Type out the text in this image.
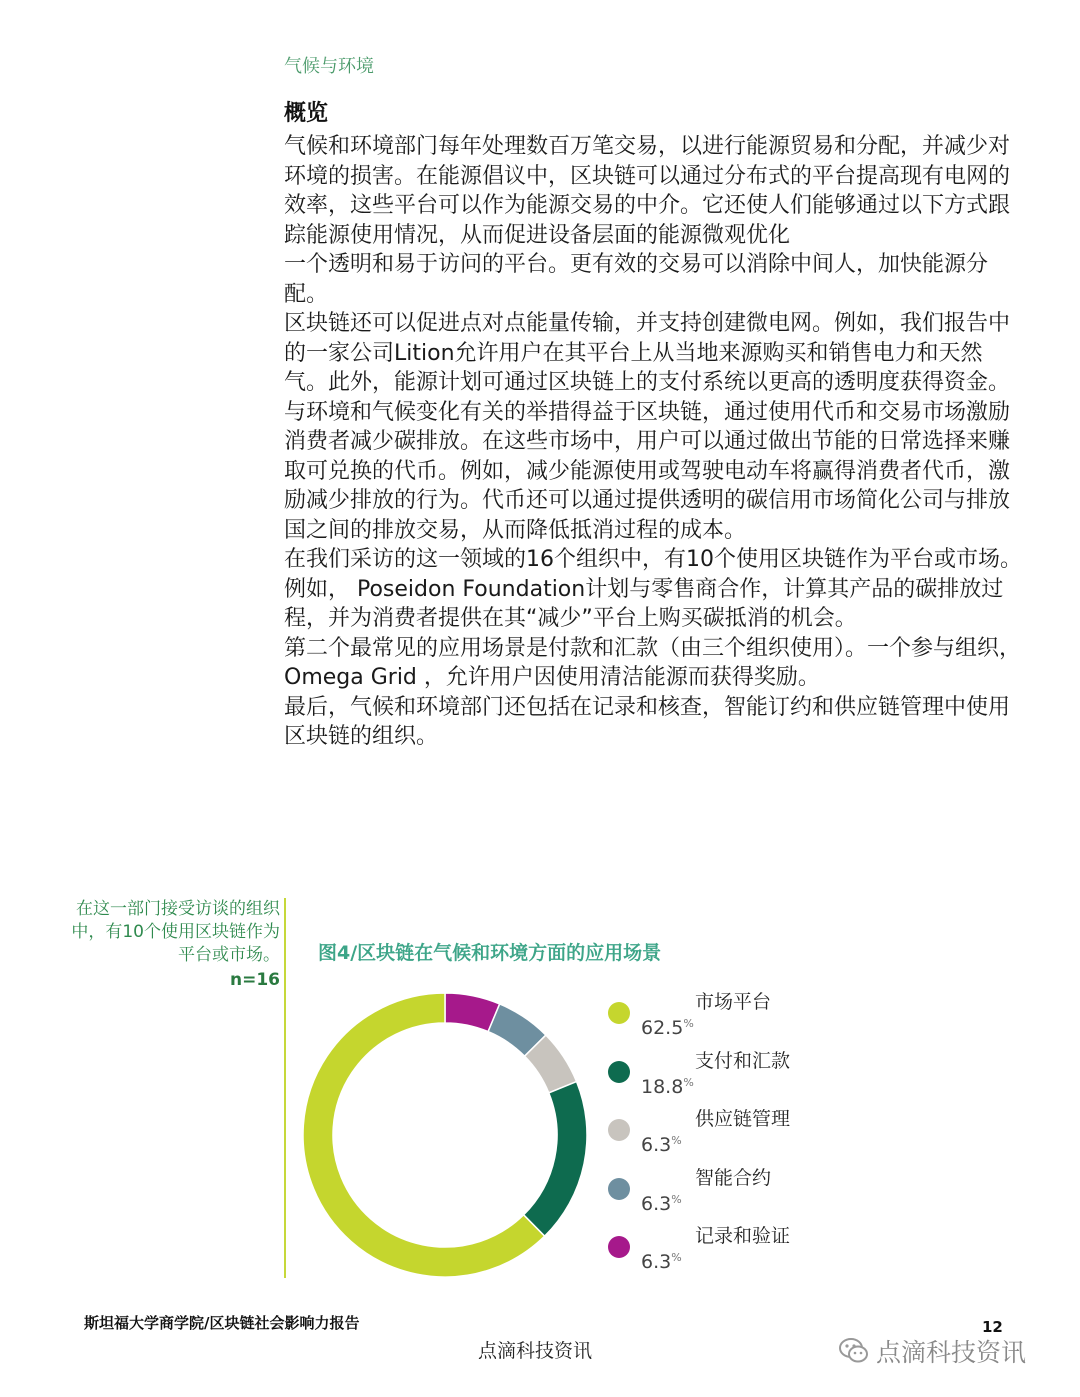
气候与环境
概览

气候和环境部门每年处理数百万笔交易，以进行能源贸易和分配，并减少对环境的损害。在能源倡议中，区块链可以通过分布式的平台提高现有电网的效率，这些平台可以作为能源交易的中介。它还使人们能够通过以下方式跟踪能源使用情况，从而促进设备层面的能源微观优化

一个透明和易于访问的平台。更有效的交易可以消除中间人，加快能源分配。

区块链还可以促进点对点能量传输，并支持创建微电网。例如，我们报告中的一家公司Lition允许用户在其平台上从当地来源购买和销售电力和天然气。此外，能源计划可通过区块链上的支付系统以更高的透明度获得资金。

与环境和气候变化有关的举措得益于区块链，通过使用代币和交易市场激励消费者减少碳排放。在这些市场中，用户可以通过做出节能的日常选择来赚取可兑换的代币。例如，减少能源使用或驾驶电动车将赢得消费者代币，激励减少排放的行为。代币还可以通过提供透明的碳信用市场简化公司与排放国之间的排放交易，从而降低抵消过程的成本。

在我们采访的这一领域的16个组织中，有10个使用区块链作为平台或市场。例如， Poseidon Foundation计划与零售商合作，计算其产品的碳排放过程，并为消费者提供在其“减少”平台上购买碳抵消的机会。

第二个最常见的应用场景是付款和汇款（由三个组织使用）。一个参与组织， Omega Grid ，允许用户因使用清洁能源而获得奖励。

最后，气候和环境部门还包括在记录和核查，智能订约和供应链管理中使用区块链的组织。

在这一部门接受访谈的组织中，有10个使用区块链作为平台或市场。
n=16
图4/区块链在气候和环境方面的应用场景
市场平台
62.5%
支付和汇款
18.8%
供应链管理
6.3%
智能合约
6.3%
记录和验证
6.3%
斯坦福大学商学院/区块链社会影响力报告	12
点滴科技资讯	点滴科技资讯
